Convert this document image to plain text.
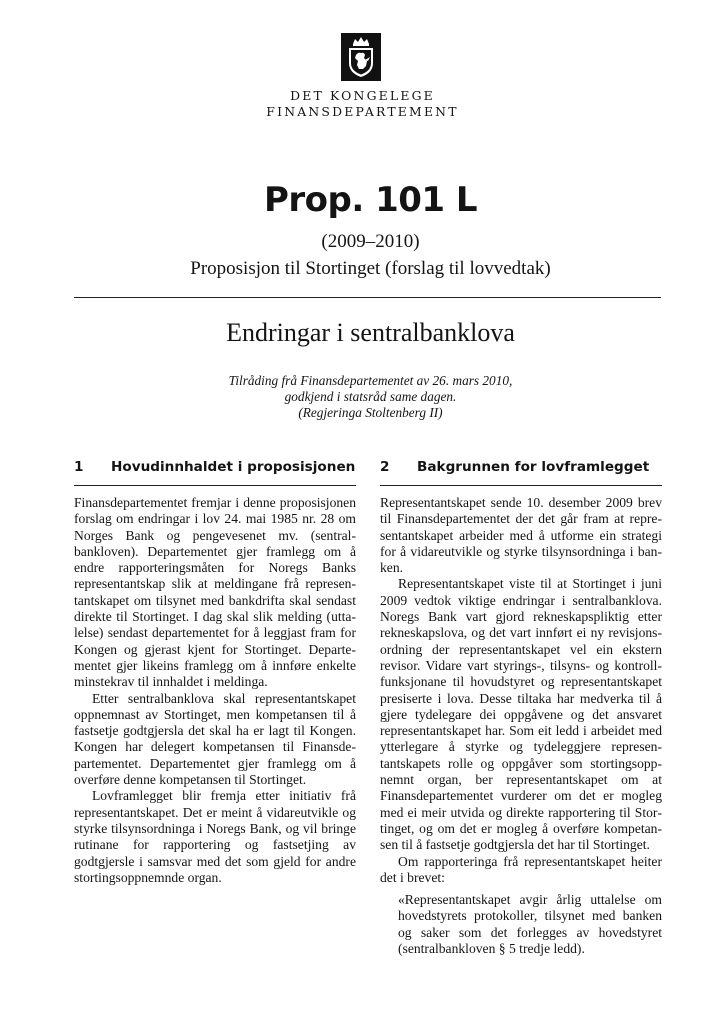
DET KONGELEGE
FINANSDEPARTEMENT
Prop. 101 L
(2009–2010)
Proposisjon til Stortinget (forslag til lovvedtak)
Endringar i sentralbanklova
Tilråding frå Finansdepartementet av 26. mars 2010,
godkjend i statsråd same dagen.
(Regjeringa Stoltenberg II)
1 Hovudinnhaldet i proposisjonen

Finansdepartementet fremjar i denne proposisjonen forslag om endringar i lov 24. mai 1985 nr. 28 om Norges Bank og pengevesenet mv. (sentralbankloven). Departementet gjer framlegg om å endre rapporteringsmåten for Noregs Banks representantskap slik at meldingane frå representantskapet om tilsynet med bankdrifta skal sendast direkte til Stortinget. I dag skal slik melding (uttalelse) sendast departementet for å leggjast fram for Kongen og gjerast kjent for Stortinget. Departementet gjer likeins framlegg om å innføre enkelte minstekrav til innhaldet i meldinga.

Etter sentralbanklova skal representantskapet oppnemnast av Stortinget, men kompetansen til å fastsetje godtgjersla det skal ha er lagt til Kongen. Kongen har delegert kompetansen til Finansdepartementet. Departementet gjer framlegg om å overføre denne kompetansen til Stortinget.

Lovframlegget blir fremja etter initiativ frå representantskapet. Det er meint å vidareutvikle og styrke tilsynsordninga i Noregs Bank, og vil bringe rutinane for rapportering og fastsetjing av godtgjersle i samsvar med det som gjeld for andre stortingsoppnemnde organ.

2 Bakgrunnen for lovframlegget

Representantskapet sende 10. desember 2009 brev til Finansdepartementet der det går fram at representantskapet arbeider med å utforme ein strategi for å vidareutvikle og styrke tilsynsordninga i banken.

Representantskapet viste til at Stortinget i juni 2009 vedtok viktige endringar i sentralbanklova. Noregs Bank vart gjord rekneskapspliktig etter rekneskapslova, og det vart innført ei ny revisjonsordning der representantskapet vel ein ekstern revisor. Vidare vart styrings-, tilsyns- og kontrollfunksjonane til hovudstyret og representantskapet presiserte i lova. Desse tiltaka har medverka til å gjere tydelegare dei oppgåvene og det ansvaret representantskapet har. Som eit ledd i arbeidet med ytterlegare å styrke og tydeleggjere representantskapets rolle og oppgåver som stortingsoppnemnt organ, ber representantskapet om at Finansdepartementet vurderer om det er mogleg med ei meir utvida og direkte rapportering til Stortinget, og om det er mogleg å overføre kompetansen til å fastsetje godtgjersla det har til Stortinget.

Om rapporteringa frå representantskapet heiter det i brevet:

«Representantskapet avgir årlig uttalelse om hovedstyrets protokoller, tilsynet med banken og saker som det forlegges av hovedstyret (sentralbankloven § 5 tredje ledd).
